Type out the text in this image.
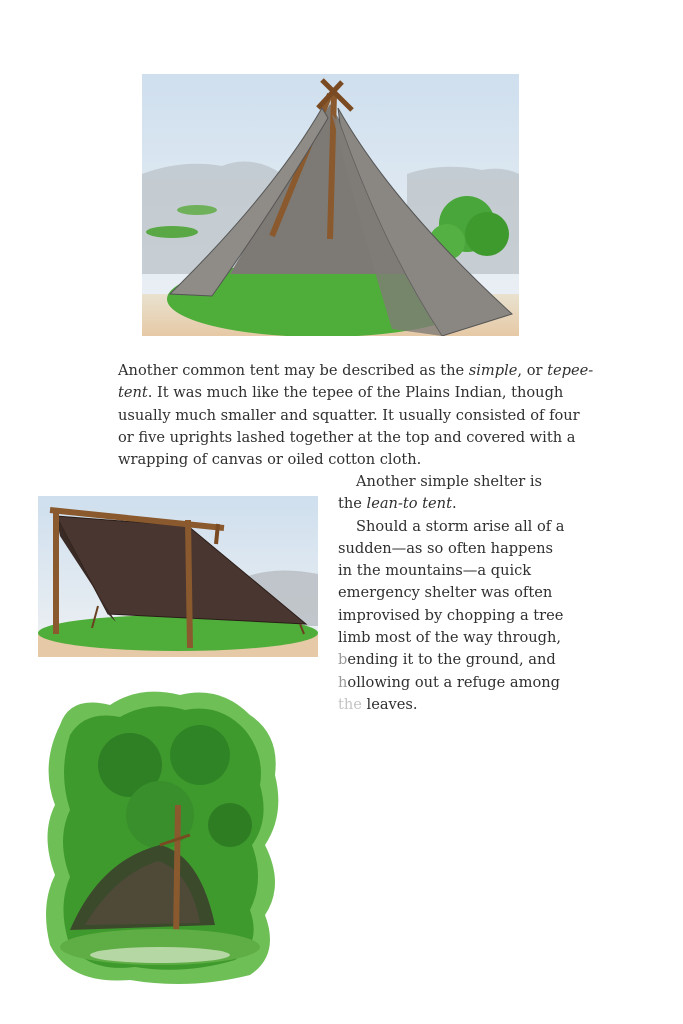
Another common tent may be described as the simple, or tepee-
tent. It was much like the tepee of the Plains Indian, though
usually much smaller and squatter. It usually consisted of four
or five uprights lashed together at the top and covered with a
wrapping of canvas or oiled cotton cloth.

Another simple shelter is
the lean-to tent.
Should a storm arise all of a
sudden—as so often happens
in the mountains—a quick
emergency shelter was often
improvised by chopping a tree
limb most of the way through,
bending it to the ground, and
hollowing out a refuge among
the leaves.
